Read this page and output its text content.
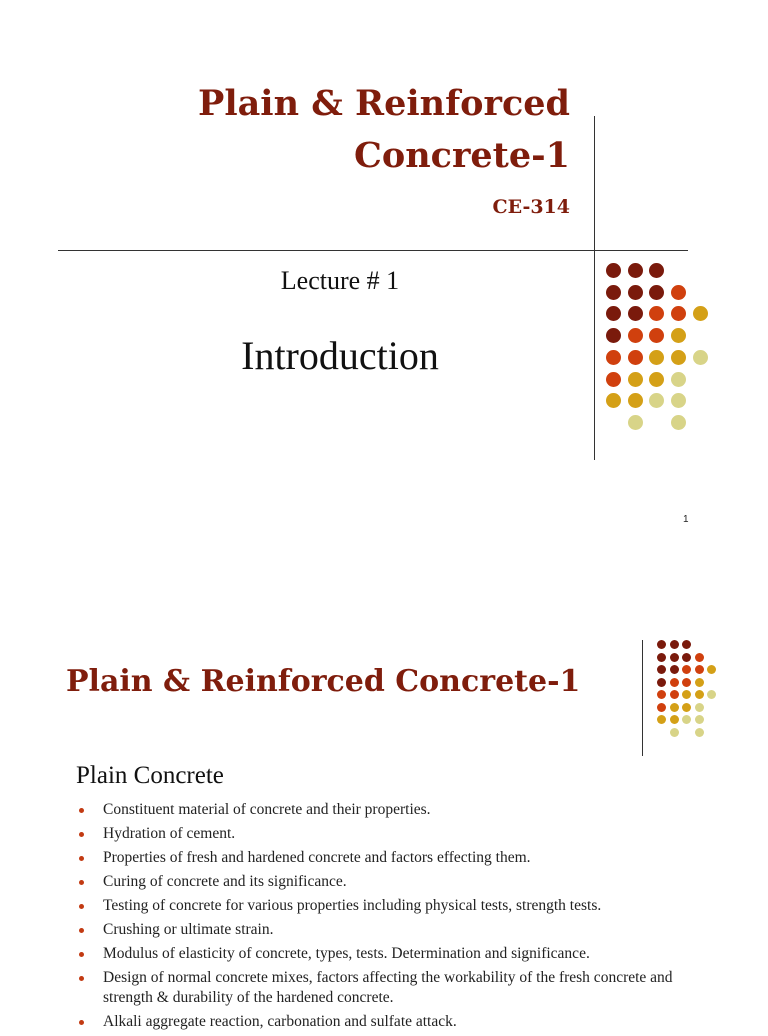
Plain & Reinforced
Concrete-1
CE-314
Lecture # 1
Introduction
1
Plain & Reinforced Concrete-1
Plain Concrete
Constituent material of concrete and their properties.
Hydration of cement.
Properties of fresh and hardened concrete and factors effecting them.
Curing of concrete and its significance.
Testing of concrete for various properties including physical tests, strength tests.
Crushing or ultimate strain.
Modulus of elasticity of concrete, types, tests. Determination and significance.
Design of normal concrete mixes, factors affecting the workability of the fresh concrete and strength & durability of the hardened concrete.
Alkali aggregate reaction, carbonation and sulfate attack.
